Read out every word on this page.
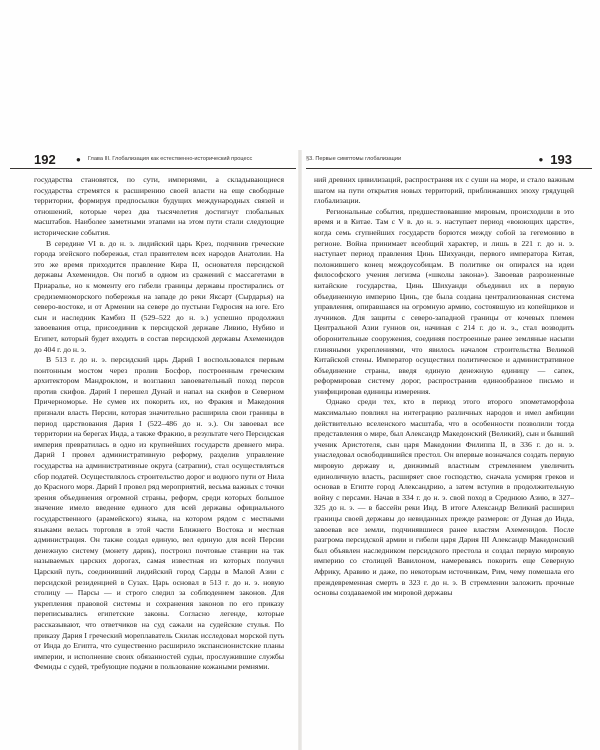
192	● Глава III. Глобализация как естественно-исторический процесс

государства становятся, по сути, империями, а складывающиеся государства стремятся к расширению своей власти на еще свободные территории, формируя предпосылки будущих международных связей и отношений, которые через два тысячелетия достигнут глобальных масштабов. Наиболее заметными этапами на этом пути стали следующие исторические события.

В середине VI в. до н. э. лидийский царь Крез, подчинив греческие города эгейского побережья, стал правителем всех народов Анатолии. На это же время приходится правление Кира II, основателя персидской державы Ахеменидов. Он погиб в одном из сражений с массагетами в Приаралье, но к моменту его гибели границы державы простирались от средиземноморского побережья на западе до реки Яксарт (Сырдарья) на северо-востоке, и от Армении на севере до пустыни Гедросия на юге. Его сын и наследник Камбиз II (529–522 до н. э.) успешно продолжил завоевания отца, присоединив к персидской державе Ливию, Нубию и Египет, который будет входить в состав персидской державы Ахеменидов до 404 г. до н. э.

В 513 г. до н. э. персидский царь Дарий I воспользовался первым понтонным мостом через пролив Босфор, построенным греческим архитектором Мандроклом, и возглавил завоевательный поход персов против скифов. Дарий I перешел Дунай и напал на скифов в Северном Причерноморье. Не сумев их покорить их, но Фракия и Македония признали власть Персии, которая значительно расширила свои границы в период царствования Дария I (522–486 до н. э.). Он завоевал все территории на берегах Инда, а также Фракию, в результате чего Персидская империя превратилась в одно из крупнейших государств древнего мира. Дарий I провел административную реформу, разделив управление государства на административные округа (сатрапии), стал осуществляться сбор податей. Осуществлялось строительство дорог и водного пути от Нила до Красного моря. Дарий I провел ряд мероприятий, весьма важных с точки зрения объединения огромной страны, реформ, среди которых большое значение имело введение единого для всей державы официального государственного (арамейского) языка, на котором рядом с местными языками велась торговля в этой части Ближнего Востока и местная администрация. Он также создал единую, вел единую для всей Персии денежную систему (монету дарик), построил почтовые станции на так называемых царских дорогах, самая известная из которых получил Царский путь, соединивший лидийский город Сарды в Малой Азии с персидской резиденцией в Сузах. Царь основал в 513 г. до н. э. новую столицу — Парсы — и строго следил за соблюдением законов. Для укрепления правовой системы и сохранения законов по его приказу переписывались египетские законы. Согласно легенде, которые рассказывают, что ответчиков на суд сажали на судейские стулья. По приказу Дария I греческий мореплаватель Скилак исследовал морской путь от Инда до Египта, что существенно расширило экспансионистские планы империи, и исполнение своих обязанностей судьи, прослужившие службы Фемиды с судей, требующие подачи в пользование кожаными ремнями.

§3. Первые симптомы глобализации	● 193

ний древних цивилизаций, распространяя их с суши на море, и стало важным шагом на пути открытия новых территорий, приближавших эпоху грядущей глобализации.

Региональные события, предшествовавшие мировым, происходили в это время и в Китае. Там с V в. до н. э. наступает период «воюющих царств», когда семь crупнейших государств борются между собой за гегемонию в регионе. Война принимает всеобщий характер, и лишь в 221 г. до н. э. наступает период правления Цинь Шихуанди, первого императора Китая, положившего конец междоусобицам. В политике он опирался на идеи философского учения легизма («школы закона»). Завоевав разрозненные китайские государства, Цинь Шихуанди объединил их в первую объединенную империю Цинь, где была создана централизованная система управления, опиравшаяся на огромную армию, состоявшую из копейщиков и лучников. Для защиты с северо-западной границы от кочевых племен Центральной Азии гуннов он, начиная с 214 г. до н. э., стал возводить оборонительные сооружения, соединяя построенные ранее земляные насыпи глиняными укреплениями, что явилось началом строительства Великой Китайской стены. Император осуществил политическое и административное объединение страны, введя единую денежную единицу — сапек, реформировав систему дорог, распространив единообразное письмо и унифицировав единицы измерения.

Однако среди тех, кто в период этого второго эпометаморфоза максимально повлиял на интеграцию различных народов и имел амбиции действительно вселенского масштаба, что в особенности позволили тогда представления о мире, был Александр Македонский (Великий), сын и бывший ученик Аристотеля, сын царя Македонии Филиппа II, в 336 г. до н. э. унаследовал освободившийся престол. Он впервые возначался создать первую мировую державу и, движимый властным стремлением увеличить единоличную власть, расширяет свое господство, сначала усмиряя греков и основав в Египте город Александрию, а затем вступив в продолжительную войну с персами. Начав в 334 г. до н. э. свой поход в Среднюю Азию, в 327–325 до н. э. — в бассейн реки Инд. В итоге Александр Великий расширил границы своей державы до невиданных прежде размеров: от Дуная до Инда, завоевав все земли, подчинявшиеся ранее властям Ахеменидов. После разгрома персидской армии и гибели царя Дария III Александр Македонский был объявлен наследником персидского престола и создал первую мировую империю со столицей Вавилоном, намереваясь покорить еще Северную Африку, Аравию и даже, по некоторым источникам, Рим, чему помешала его преждевременная смерть в 323 г. до н. э. В стремлении заложить прочные основы создаваемой им мировой державы
